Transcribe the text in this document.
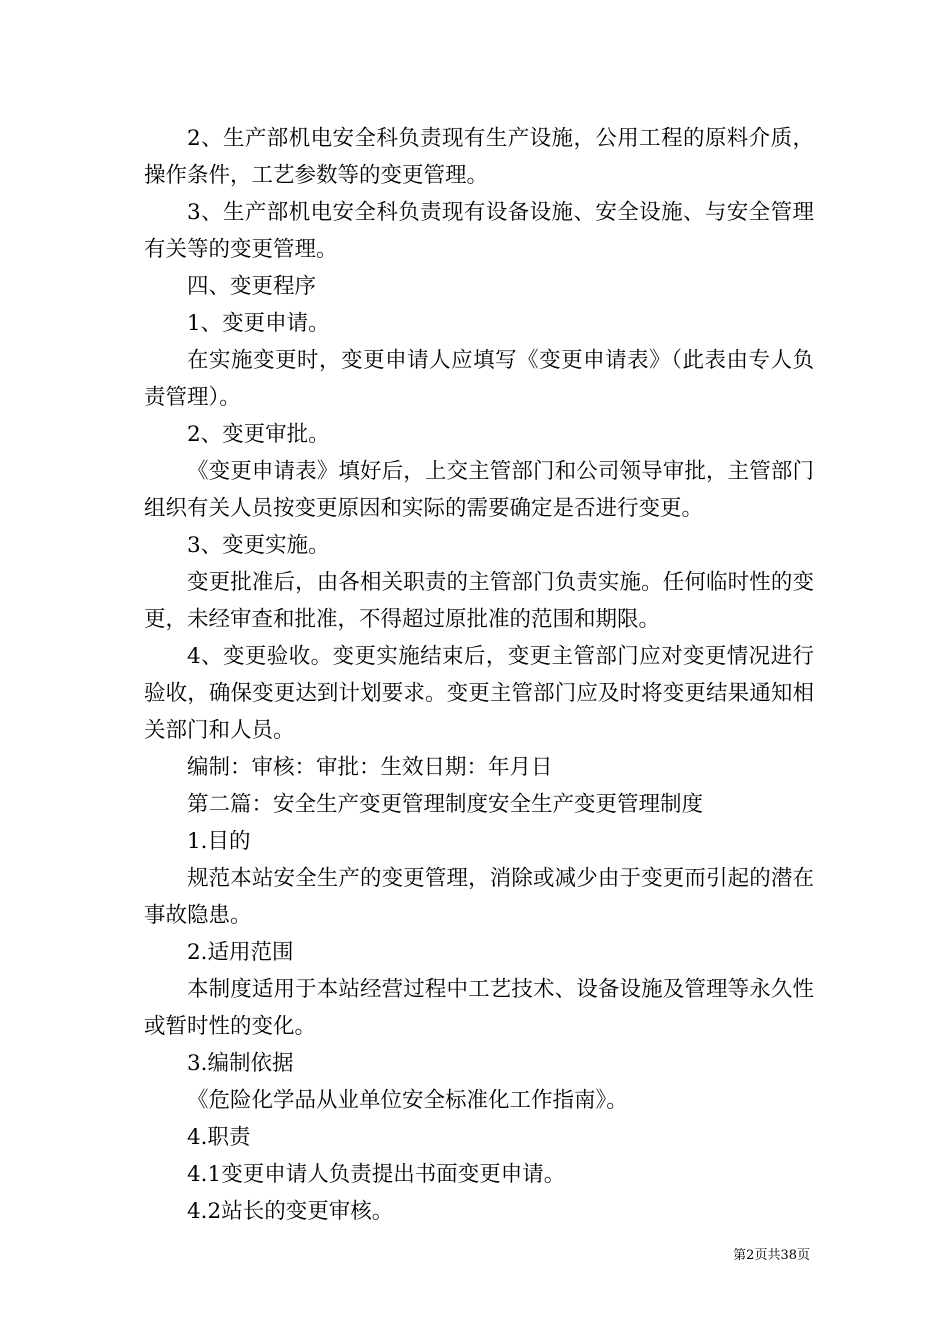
2、生产部机电安全科负责现有生产设施，公用工程的原料介质，操作条件，工艺参数等的变更管理。

3、生产部机电安全科负责现有设备设施、安全设施、与安全管理有关等的变更管理。

四、变更程序

1、变更申请。

在实施变更时，变更申请人应填写《变更申请表》（此表由专人负责管理）。

2、变更审批。

《变更申请表》填好后，上交主管部门和公司领导审批，主管部门组织有关人员按变更原因和实际的需要确定是否进行变更。

3、变更实施。

变更批准后，由各相关职责的主管部门负责实施。任何临时性的变更，未经审查和批准，不得超过原批准的范围和期限。

4、变更验收。变更实施结束后，变更主管部门应对变更情况进行验收，确保变更达到计划要求。变更主管部门应及时将变更结果通知相关部门和人员。

编制：审核：审批：生效日期：年月日

第二篇：安全生产变更管理制度安全生产变更管理制度

1.目的

规范本站安全生产的变更管理，消除或减少由于变更而引起的潜在事故隐患。

2.适用范围

本制度适用于本站经营过程中工艺技术、设备设施及管理等永久性或暂时性的变化。

3.编制依据

《危险化学品从业单位安全标准化工作指南》。

4.职责

4.1变更申请人负责提出书面变更申请。

4.2站长的变更审核。

第2页共38页
